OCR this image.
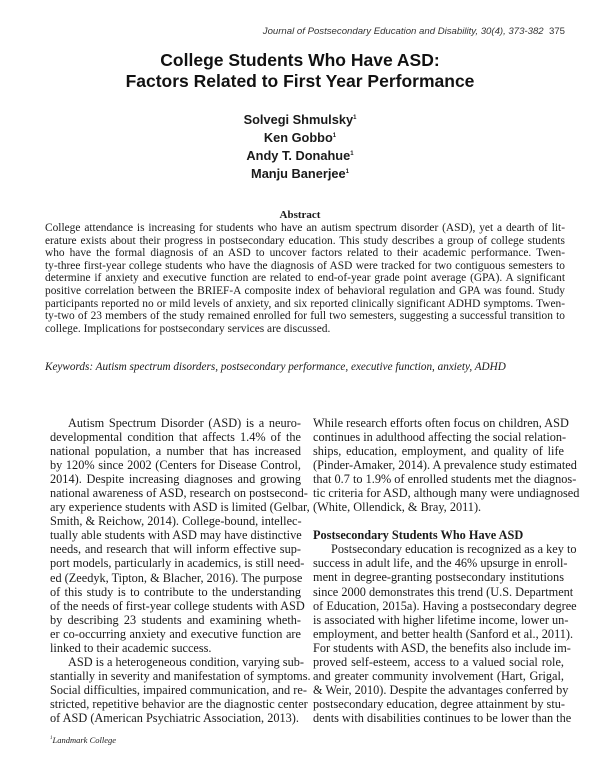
Journal of Postsecondary Education and Disability, 30(4), 373-382 375
College Students Who Have ASD:
Factors Related to First Year Performance
Solvegi Shmulsky$^1$
Ken Gobbo$^1$
Andy T. Donahue$^1$
Manju Banerjee$^1$
Abstract
College attendance is increasing for students who have an autism spectrum disorder (ASD), yet a dearth of lit-
erature exists about their progress in postsecondary education. This study describes a group of college students
who have the formal diagnosis of an ASD to uncover factors related to their academic performance. Twen-
ty-three first-year college students who have the diagnosis of ASD were tracked for two contiguous semesters to
determine if anxiety and executive function are related to end-of-year grade point average (GPA). A significant
positive correlation between the BRIEF-A composite index of behavioral regulation and GPA was found. Study
participants reported no or mild levels of anxiety, and six reported clinically significant ADHD symptoms. Twen-
ty-two of 23 members of the study remained enrolled for full two semesters, suggesting a successful transition to
college. Implications for postsecondary services are discussed.
Keywords: Autism spectrum disorders, postsecondary performance, executive function, anxiety, ADHD
Autism Spectrum Disorder (ASD) is a neuro-
developmental condition that affects 1.4% of the
national population, a number that has increased
by 120% since 2002 (Centers for Disease Control,
2014). Despite increasing diagnoses and growing
national awareness of ASD, research on postsecond-
ary experience students with ASD is limited (Gelbar,
Smith, & Reichow, 2014). College-bound, intellec-
tually able students with ASD may have distinctive
needs, and research that will inform effective sup-
port models, particularly in academics, is still need-
ed (Zeedyk, Tipton, & Blacher, 2016). The purpose
of this study is to contribute to the understanding
of the needs of first-year college students with ASD
by describing 23 students and examining wheth-
er co-occurring anxiety and executive function are
linked to their academic success.
ASD is a heterogeneous condition, varying sub-
stantially in severity and manifestation of symptoms.
Social difficulties, impaired communication, and re-
stricted, repetitive behavior are the diagnostic center
of ASD (American Psychiatric Association, 2013).
While research efforts often focus on children, ASD
continues in adulthood affecting the social relation-
ships, education, employment, and quality of life
(Pinder-Amaker, 2014). A prevalence study estimated
that 0.7 to 1.9% of enrolled students met the diagnos-
tic criteria for ASD, although many were undiagnosed
(White, Ollendick, & Bray, 2011).
Postsecondary Students Who Have ASD
Postsecondary education is recognized as a key to
success in adult life, and the 46% upsurge in enroll-
ment in degree-granting postsecondary institutions
since 2000 demonstrates this trend (U.S. Department
of Education, 2015a). Having a postsecondary degree
is associated with higher lifetime income, lower un-
employment, and better health (Sanford et al., 2011).
For students with ASD, the benefits also include im-
proved self-esteem, access to a valued social role,
and greater community involvement (Hart, Grigal,
& Weir, 2010). Despite the advantages conferred by
postsecondary education, degree attainment by stu-
dents with disabilities continues to be lower than the
$^1$Landmark College
